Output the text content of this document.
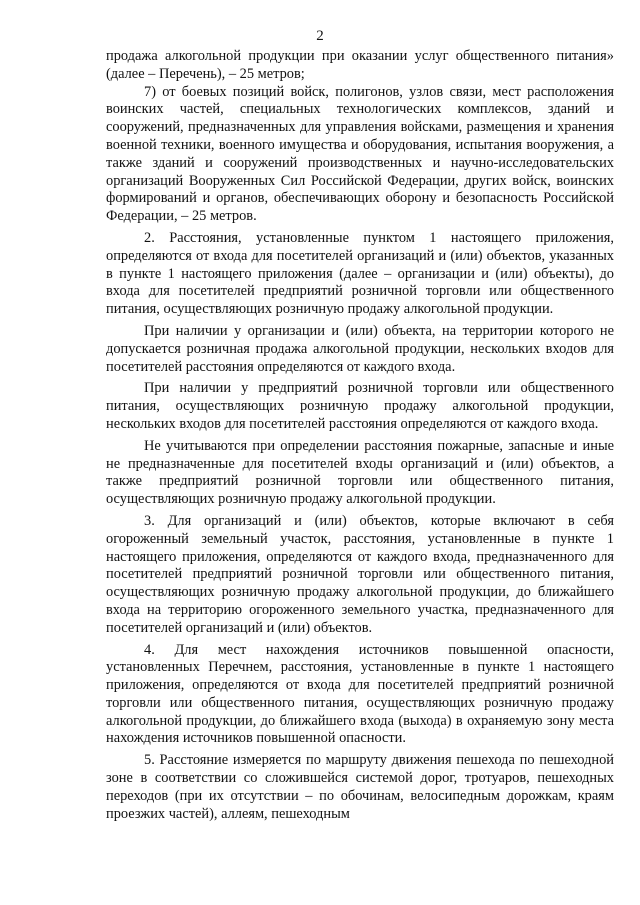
2

продажа алкогольной продукции при оказании услуг общественного питания» (далее – Перечень), – 25 метров;

7) от боевых позиций войск, полигонов, узлов связи, мест расположения воинских частей, специальных технологических комплексов, зданий и сооружений, предназначенных для управления войсками, размещения и хранения военной техники, военного имущества и оборудования, испытания вооружения, а также зданий и сооружений производственных и научно-исследовательских организаций Вооруженных Сил Российской Федерации, других войск, воинских формирований и органов, обеспечивающих оборону и безопасность Российской Федерации, – 25 метров.

2. Расстояния, установленные пунктом 1 настоящего приложения, определяются от входа для посетителей организаций и (или) объектов, указанных в пункте 1 настоящего приложения (далее – организации и (или) объекты), до входа для посетителей предприятий розничной торговли или общественного питания, осуществляющих розничную продажу алкогольной продукции.

При наличии у организации и (или) объекта, на территории которого не допускается розничная продажа алкогольной продукции, нескольких входов для посетителей расстояния определяются от каждого входа.

При наличии у предприятий розничной торговли или общественного питания, осуществляющих розничную продажу алкогольной продукции, нескольких входов для посетителей расстояния определяются от каждого входа.

Не учитываются при определении расстояния пожарные, запасные и иные не предназначенные для посетителей входы организаций и (или) объектов, а также предприятий розничной торговли или общественного питания, осуществляющих розничную продажу алкогольной продукции.

3. Для организаций и (или) объектов, которые включают в себя огороженный земельный участок, расстояния, установленные в пункте 1 настоящего приложения, определяются от каждого входа, предназначенного для посетителей предприятий розничной торговли или общественного питания, осуществляющих розничную продажу алкогольной продукции, до ближайшего входа на территорию огороженного земельного участка, предназначенного для посетителей организаций и (или) объектов.

4. Для мест нахождения источников повышенной опасности, установленных Перечнем, расстояния, установленные в пункте 1 настоящего приложения, определяются от входа для посетителей предприятий розничной торговли или общественного питания, осуществляющих розничную продажу алкогольной продукции, до ближайшего входа (выхода) в охраняемую зону места нахождения источников повышенной опасности.

5. Расстояние измеряется по маршруту движения пешехода по пешеходной зоне в соответствии со сложившейся системой дорог, тротуаров, пешеходных переходов (при их отсутствии – по обочинам, велосипедным дорожкам, краям проезжих частей), аллеям, пешеходным
